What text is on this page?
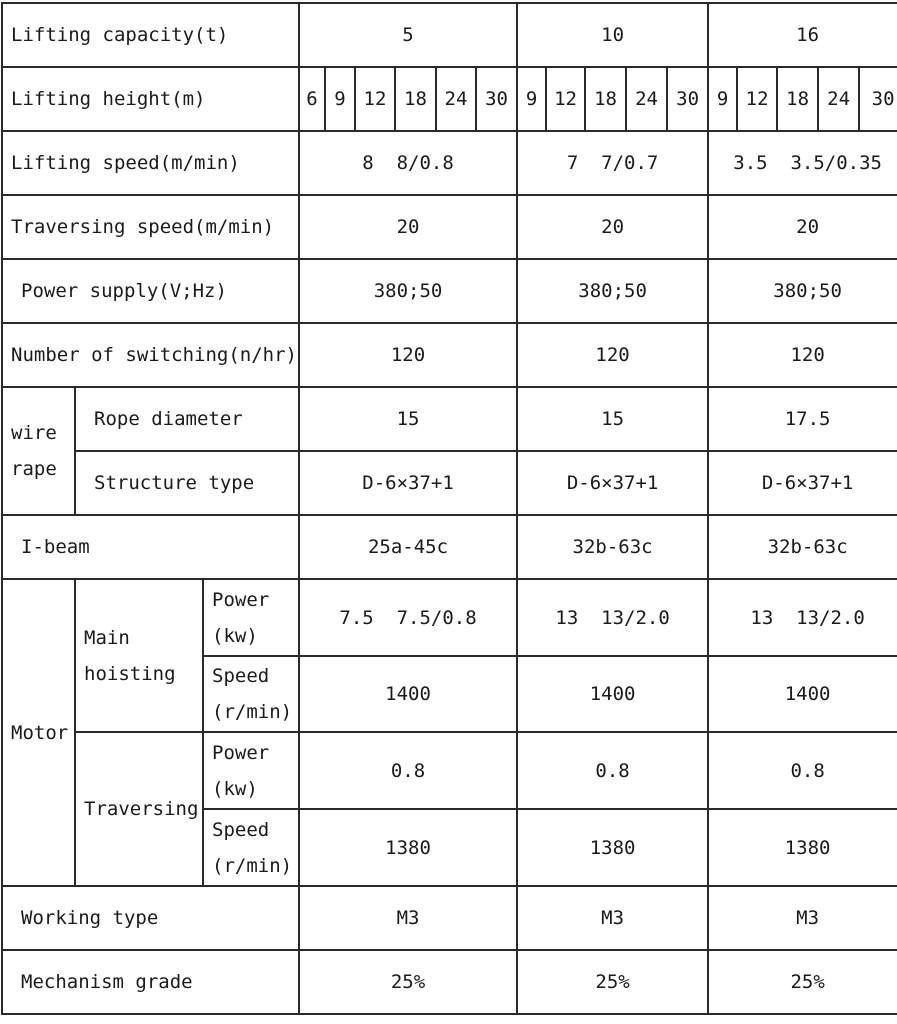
Lifting capacity(t)			5						10					16				
Lifting height(m)			6	9	12	18	24	30	9	12	18	24	30	9	12	18	24	30
Lifting speed(m/min)			8  8/0.8						7  7/0.7					3.5  3.5/0.35				
Traversing speed(m/min)			20						20					20				
Power supply(V;Hz)			380;50						380;50					380;50				
Number of switching(n/hr)			120						120					120				
wire rape	Rope diameter		15						15					17.5				
	Structure type		D-6×37+1						D-6×37+1					D-6×37+1				
I-beam			25a-45c						32b-63c					32b-63c				
Motor	Main hoisting	Power (kw)	7.5  7.5/0.8						13  13/2.0					13  13/2.0				
		Speed (r/min)	1400						1400					1400				
	Traversing	Power (kw)	0.8						0.8					0.8				
		Speed (r/min)	1380						1380					1380				
Working type			M3						M3					M3				
Mechanism grade			25%						25%					25%				
